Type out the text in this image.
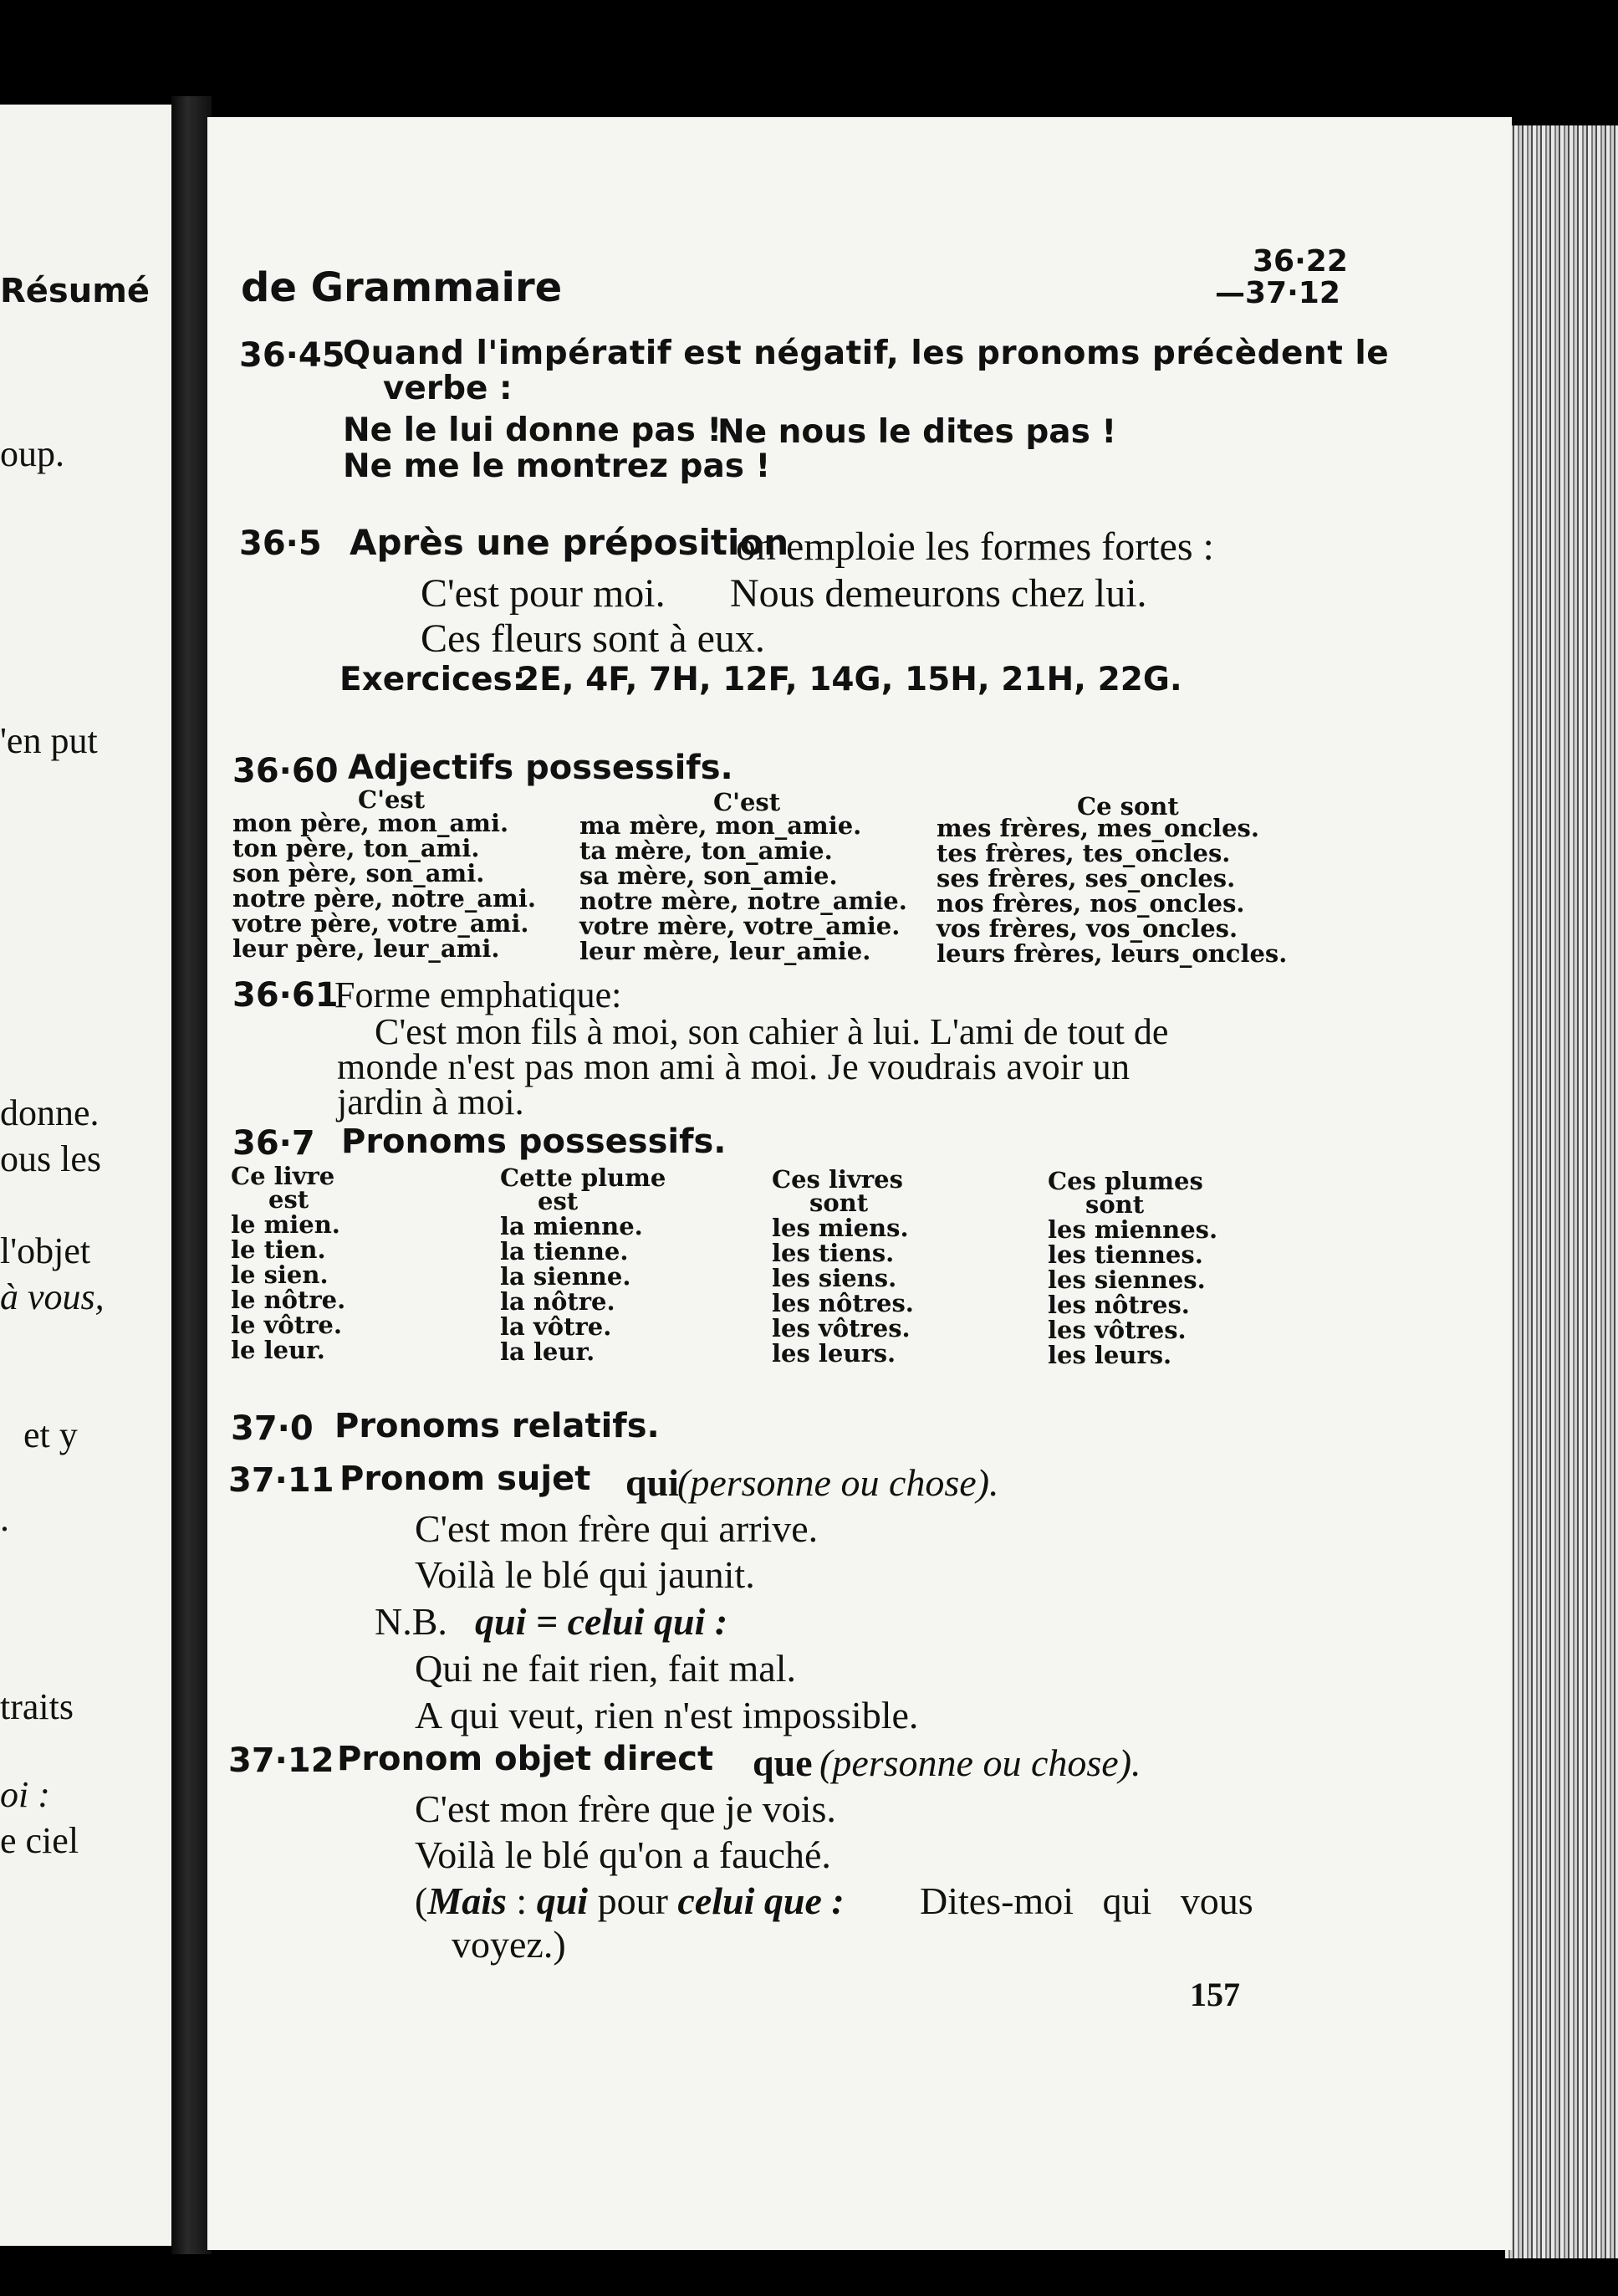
Résumé
oup.
'en put
donne.
ous les
l'objet
à vous,
et y
.
traits
oi :
e ciel
de Grammaire
36·22
—37·12
36·45
Quand l'impératif est négatif, les pronoms précèdent le
verbe :
Ne le lui donne pas !
Ne nous le dites pas !
Ne me le montrez pas !
36·5 Après une préposition
on emploie les formes fortes :
C'est pour moi. Nous demeurons chez lui.
Ces fleurs sont à eux.
Exercices:
2E, 4F, 7H, 12F, 14G, 15H, 21H, 22G.
36·60 Adjectifs possessifs.
C'est	C'est	Ce sont
mon père, mon_ami.
ton père, ton_ami.
son père, son_ami.
notre père, notre_ami.
votre père, votre_ami.
leur père, leur_ami.
ma mère, mon_amie.
ta mère, ton_amie.
sa mère, son_amie.
notre mère, notre_amie.
votre mère, votre_amie.
leur mère, leur_amie.
mes frères, mes_oncles.
tes frères, tes_oncles.
ses frères, ses_oncles.
nos frères, nos_oncles.
vos frères, vos_oncles.
leurs frères, leurs_oncles.
36·61
Forme emphatique:
C'est mon fils à moi, son cahier à lui. L'ami de tout de
monde n'est pas mon ami à moi. Je voudrais avoir un
jardin à moi.
36·7 Pronoms possessifs.
Ce livre
est
le mien.
le tien.
le sien.
le nôtre.
le vôtre.
le leur.
Cette plume
est
la mienne.
la tienne.
la sienne.
la nôtre.
la vôtre.
la leur.
Ces livres
sont
les miens.
les tiens.
les siens.
les nôtres.
les vôtres.
les leurs.
Ces plumes
sont
les miennes.
les tiennes.
les siennes.
les nôtres.
les vôtres.
les leurs.
37·0 Pronoms relatifs.
37·11 Pronom sujet qui
(personne ou chose).
C'est mon frère qui arrive.
Voilà le blé qui jaunit.
N.B. qui = celui qui :
Qui ne fait rien, fait mal.
A qui veut, rien n'est impossible.
37·12 Pronom objet direct que (personne ou chose).
C'est mon frère que je vois.
Voilà le blé qu'on a fauché.
(Mais : qui pour celui que : Dites-moi   qui   vous
voyez.)
157
